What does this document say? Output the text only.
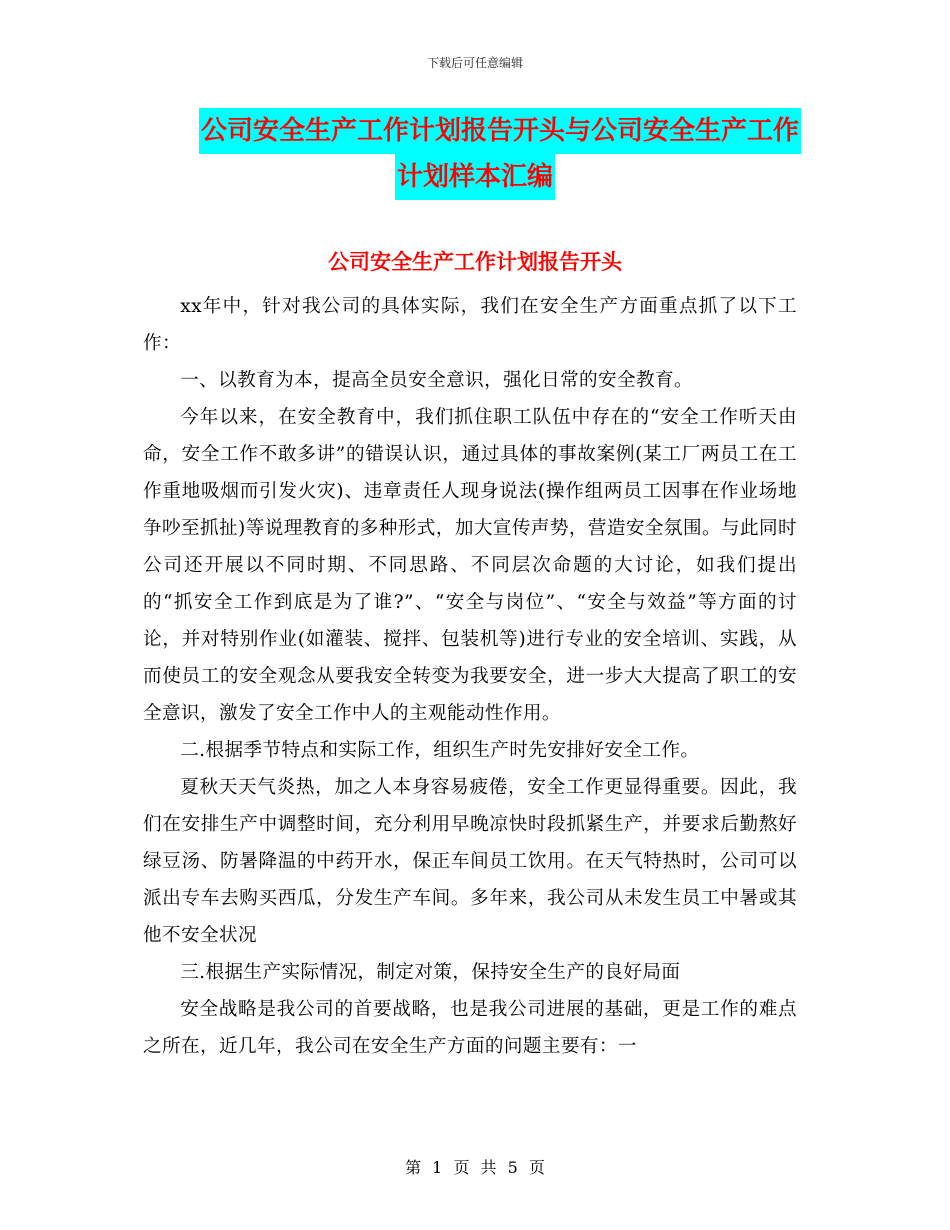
下载后可任意编辑
公司安全生产工作计划报告开头与公司安全生产工作
计划样本汇编
公司安全生产工作计划报告开头

xx年中，针对我公司的具体实际，我们在安全生产方面重点抓了以下工作：

一、以教育为本，提高全员安全意识，强化日常的安全教育。

今年以来，在安全教育中，我们抓住职工队伍中存在的“安全工作听天由命，安全工作不敢多讲”的错误认识，通过具体的事故案例(某工厂两员工在工作重地吸烟而引发火灾)、违章责任人现身说法(操作组两员工因事在作业场地争吵至抓扯)等说理教育的多种形式，加大宣传声势，营造安全氛围。与此同时公司还开展以不同时期、不同思路、不同层次命题的大讨论，如我们提出的“抓安全工作到底是为了谁?”、“安全与岗位”、“安全与效益”等方面的讨论，并对特别作业(如灌装、搅拌、包装机等)进行专业的安全培训、实践，从而使员工的安全观念从要我安全转变为我要安全，进一步大大提高了职工的安全意识，激发了安全工作中人的主观能动性作用。

二.根据季节特点和实际工作，组织生产时先安排好安全工作。

夏秋天天气炎热，加之人本身容易疲倦，安全工作更显得重要。因此，我们在安排生产中调整时间，充分利用早晚凉快时段抓紧生产，并要求后勤熬好绿豆汤、防暑降温的中药开水，保正车间员工饮用。在天气特热时，公司可以派出专车去购买西瓜，分发生产车间。多年来，我公司从未发生员工中暑或其他不安全状况

三.根据生产实际情况，制定对策，保持安全生产的良好局面

安全战略是我公司的首要战略，也是我公司进展的基础，更是工作的难点之所在，近几年，我公司在安全生产方面的问题主要有：一

第 1 页 共 5 页
